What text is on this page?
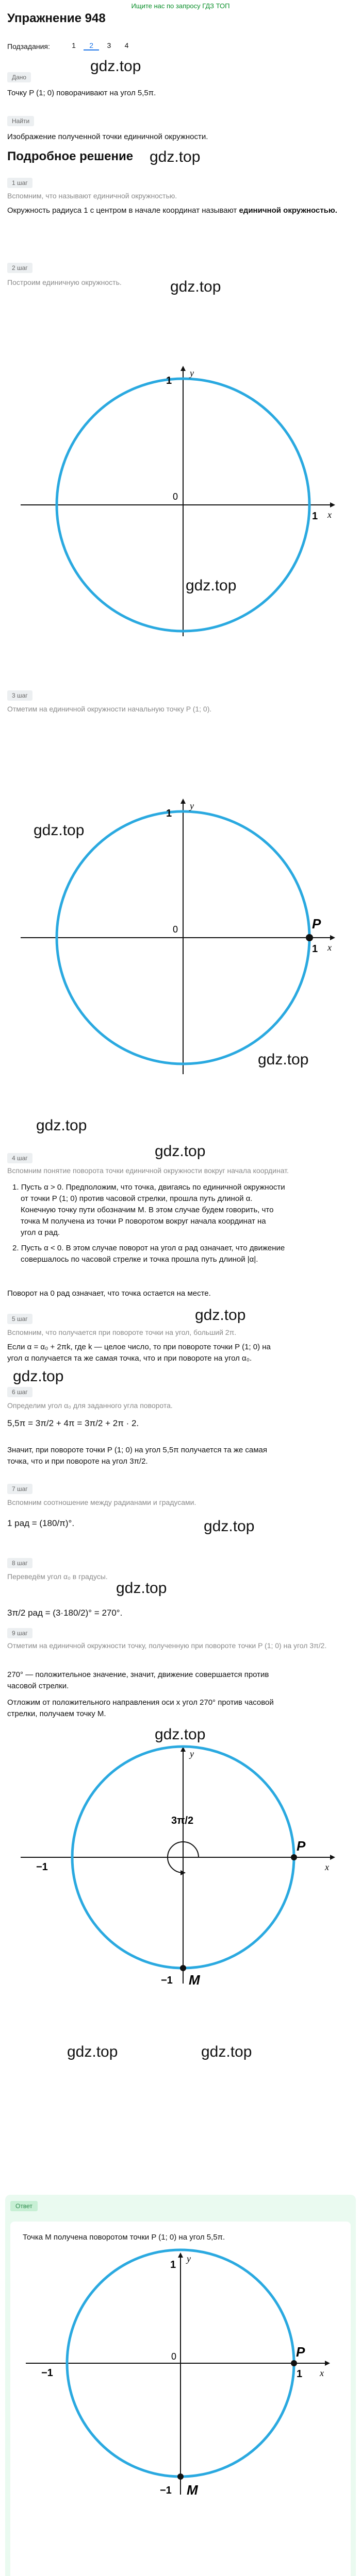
Ищите нас по запросу ГДЗ ТОП
Упражнение 948
Подзадания:	1 2 3 4
gdz.top
Дано
Точку P (1; 0) поворачивают на угол 5,5π.
Найти
Изображение полученной точки единичной окружности.
Подробное решение gdz.top
1 шаг
Вспомним, что называют единичной окружностью.
Окружность радиуса 1 с центром в начале координат называют единичной окружностью.
2 шаг
Построим единичную окружность.	gdz.top
1
y
0
1 x
gdz.top
3 шаг
Отметим на единичной окружности начальную точку P (1; 0).
gdz.top
1
y
0	P
1 x
gdz.top
gdz.top
gdz.top
4 шаг
Вспомним понятие поворота точки единичной окружности вокруг начала координат.
1. Пусть α > 0. Предположим, что точка, двигаясь по единичной окружности
от точки P (1; 0) против часовой стрелки, прошла путь длиной α.
Конечную точку пути обозначим M. В этом случае будем говорить, что
точка M получена из точки P поворотом вокруг начала координат на
угол α рад.
2. Пусть α < 0. В этом случае поворот на угол α рад означает, что движение
совершалось по часовой стрелке и точка прошла путь длиной |α|.
Поворот на 0 рад означает, что точка остается на месте.
gdz.top
5 шаг
Вспомним, что получается при повороте точки на угол, больший 2π.
Если α = α₀ + 2πk, где k — целое число, то при повороте точки P (1; 0) на
угол α получается та же самая точка, что и при повороте на угол α₀.
gdz.top
6 шаг
Определим угол α₀ для заданного угла поворота.
5,5π = 3π/2 + 4π = 3π/2 + 2π · 2.
Значит, при повороте точки P (1; 0) на угол 5,5π получается та же самая
точка, что и при повороте на угол 3π/2.
7 шаг
Вспомним соотношение между радианами и градусами.
1 рад = (180/π)°.	gdz.top
8 шаг
Переведём угол α₀ в градусы.
gdz.top
3π/2 рад = (3·180/2)° = 270°.
9 шаг
Отметим на единичной окружности точку, полученную при повороте точки P (1; 0) на угол 3π/2.
270° — положительное значение, значит, движение совершается против
часовой стрелки.
Отложим от положительного направления оси x угол 270° против часовой
стрелки, получаем точку M.
gdz.top
3π/2
−1
P
x
y
−1 M
gdz.top	gdz.top
Ответ
Точка M получена поворотом точки P (1; 0) на угол 5,5π.
1
y
0
−1
P
1 x
−1 M
